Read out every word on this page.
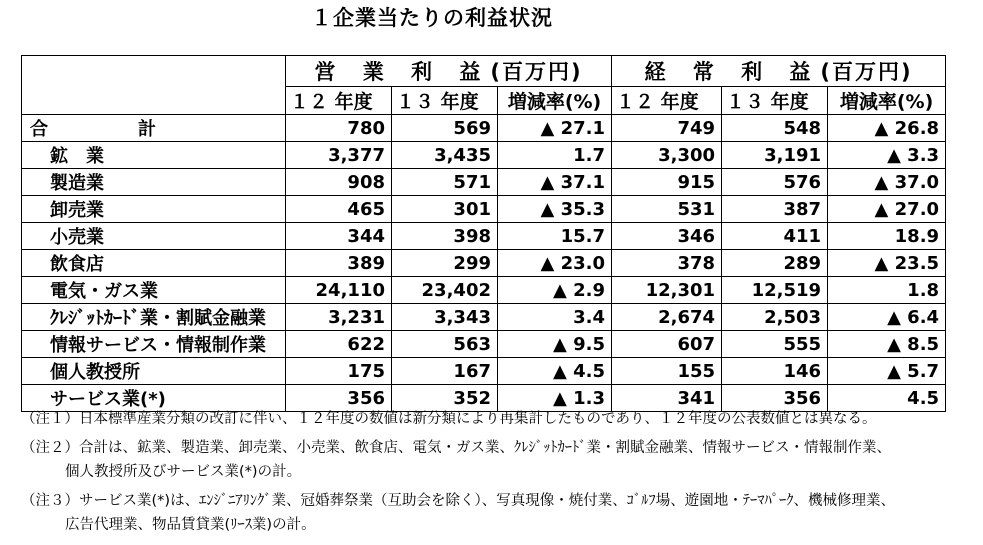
１企業当たりの利益状況
	営 業 利 益(百万円)			経 常 利 益(百万円)		
	１２ 年度	１３ 年度	増減率(%)	１２ 年度	１３ 年度	増減率(%)
合　　　　　計	780	569	▲ 27.1	749	548	▲ 26.8
鉱　業	3,377	3,435	1.7	3,300	3,191	▲ 3.3
製造業	908	571	▲ 37.1	915	576	▲ 37.0
卸売業	465	301	▲ 35.3	531	387	▲ 27.0
小売業	344	398	15.7	346	411	18.9
飲食店	389	299	▲ 23.0	378	289	▲ 23.5
電気・ガス業	24,110	23,402	▲ 2.9	12,301	12,519	1.8
ｸﾚｼﾞｯﾄｶｰﾄﾞ業・割賦金融業	3,231	3,343	3.4	2,674	2,503	▲ 6.4
情報サービス・情報制作業	622	563	▲ 9.5	607	555	▲ 8.5
個人教授所	175	167	▲ 4.5	155	146	▲ 5.7
サービス業(*)	356	352	▲ 1.3	341	356	4.5

（注１）日本標準産業分類の改訂に伴い、１２年度の数値は新分類により再集計したものであり、１２年度の公表数値とは異なる。

（注２）合計は、鉱業、製造業、卸売業、小売業、飲食店、電気・ガス業、ｸﾚｼﾞｯﾄｶｰﾄﾞ業・割賦金融業、情報サービス・情報制作業、

個人教授所及びサービス業(*)の計。

（注３）サービス業(*)は、ｴﾝｼﾞﾆｱﾘﾝｸﾞ業、冠婚葬祭業（互助会を除く）、写真現像・焼付業、ｺﾞﾙﾌ場、遊園地・ﾃｰﾏﾊﾟｰｸ、機械修理業、

広告代理業、物品賃貸業(ﾘｰｽ業)の計。
